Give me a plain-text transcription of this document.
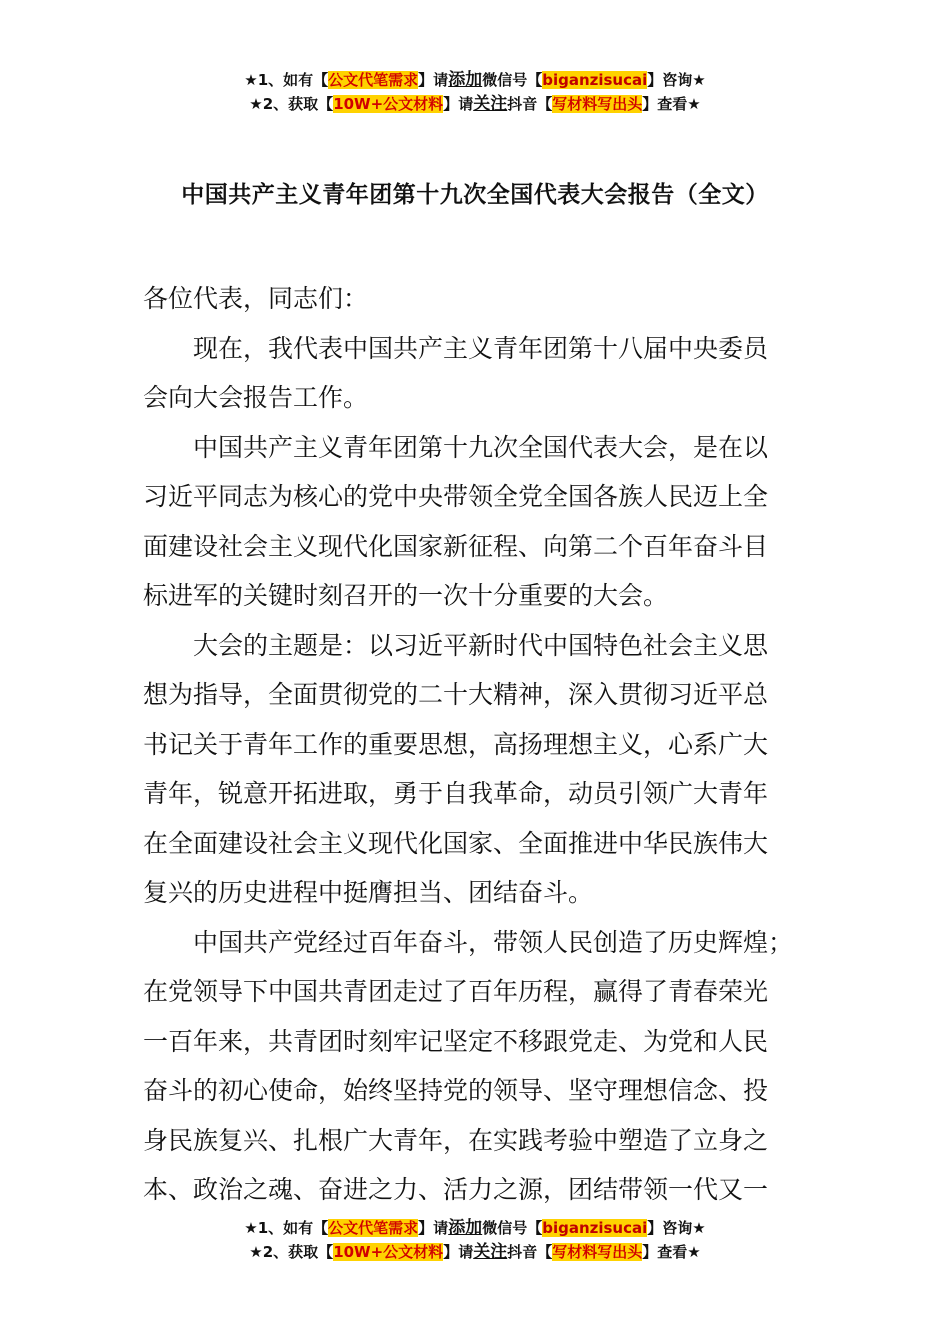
★1、如有【公文代笔需求】请添加微信号【biganzisucai】咨询★
★2、获取【10W+公文材料】请关注抖音【写材料写出头】查看★
中国共产主义青年团第十九次全国代表大会报告（全文）
各位代表，同志们：
现在，我代表中国共产主义青年团第十八届中央委员
会向大会报告工作。
中国共产主义青年团第十九次全国代表大会，是在以
习近平同志为核心的党中央带领全党全国各族人民迈上全
面建设社会主义现代化国家新征程、向第二个百年奋斗目
标进军的关键时刻召开的一次十分重要的大会。
大会的主题是：以习近平新时代中国特色社会主义思
想为指导，全面贯彻党的二十大精神，深入贯彻习近平总
书记关于青年工作的重要思想，高扬理想主义，心系广大
青年，锐意开拓进取，勇于自我革命，动员引领广大青年
在全面建设社会主义现代化国家、全面推进中华民族伟大
复兴的历史进程中挺膺担当、团结奋斗。
中国共产党经过百年奋斗，带领人民创造了历史辉煌；
在党领导下中国共青团走过了百年历程，赢得了青春荣光
一百年来，共青团时刻牢记坚定不移跟党走、为党和人民
奋斗的初心使命，始终坚持党的领导、坚守理想信念、投
身民族复兴、扎根广大青年，在实践考验中塑造了立身之
本、政治之魂、奋进之力、活力之源，团结带领一代又一
★1、如有【公文代笔需求】请添加微信号【biganzisucai】咨询★
★2、获取【10W+公文材料】请关注抖音【写材料写出头】查看★
